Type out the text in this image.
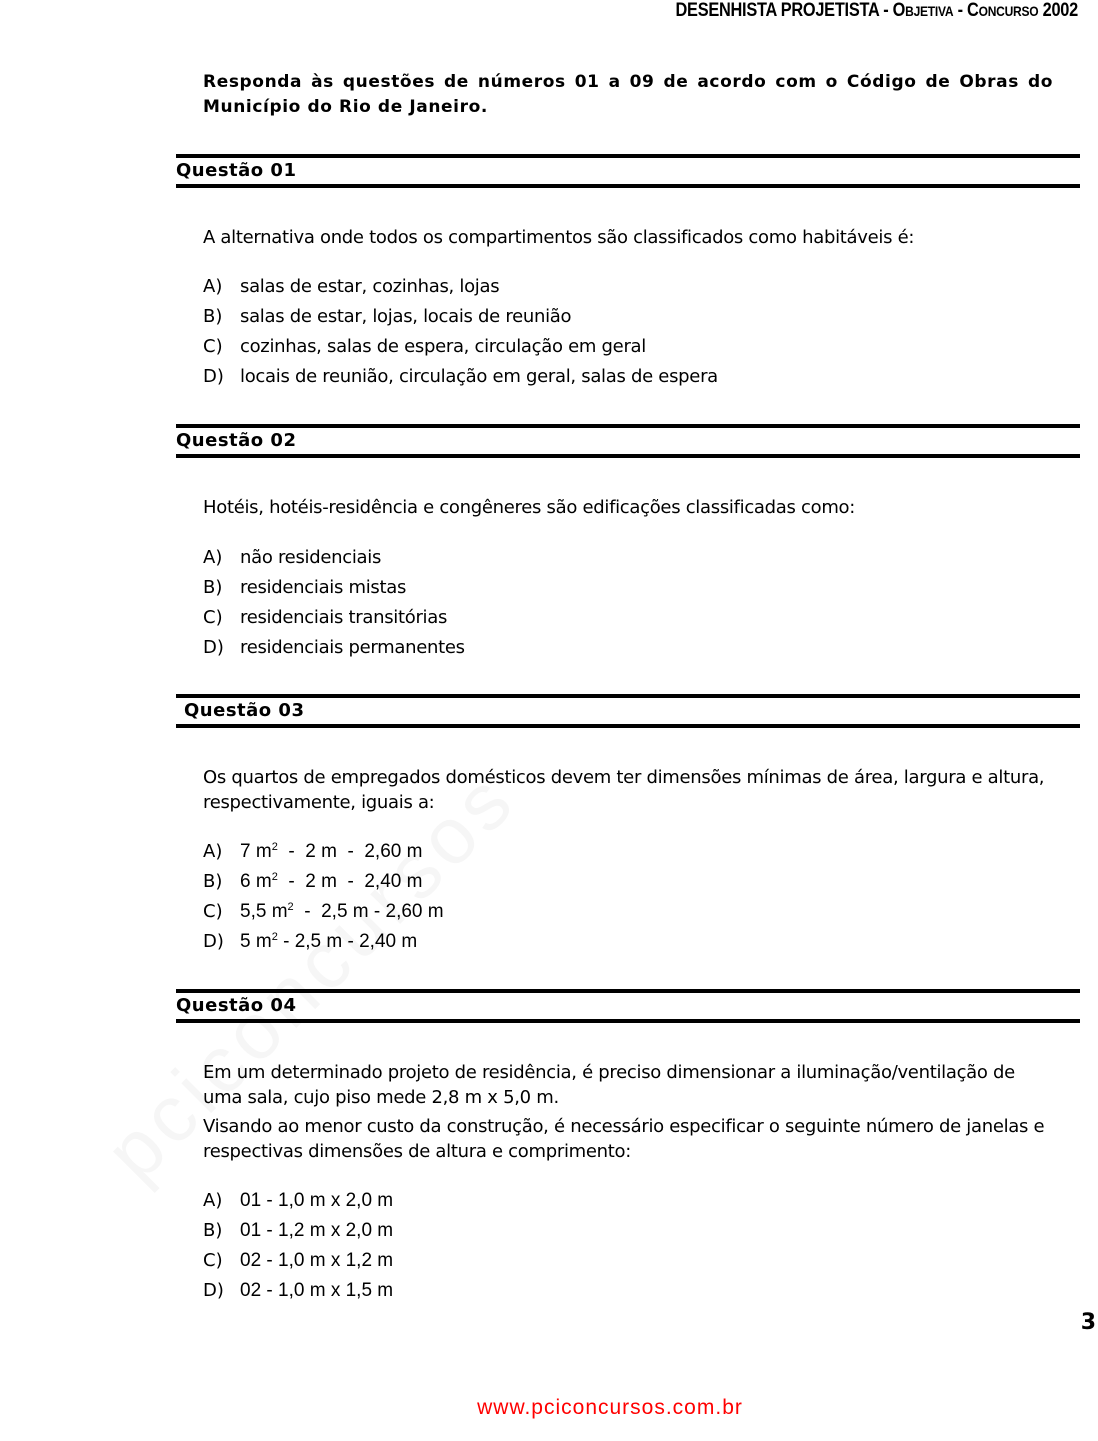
DESENHISTA PROJETISTA - OBJETIVA - CONCURSO 2002
Responda às questões de números 01 a 09 de acordo com o Código de Obras do Município do Rio de Janeiro.
Questão 01

A alternativa onde todos os compartimentos são classificados como habitáveis é:

A) salas de estar, cozinhas, lojas
B) salas de estar, lojas, locais de reunião
C) cozinhas, salas de espera, circulação em geral
D) locais de reunião, circulação em geral, salas de espera
Questão 02

Hotéis, hotéis-residência e congêneres são edificações classificadas como:

A) não residenciais
B) residenciais mistas
C) residenciais transitórias
D) residenciais permanentes
Questão 03

Os quartos de empregados domésticos devem ter dimensões mínimas de área, largura e altura, respectivamente, iguais a:

A) 7 $m^2 - 2$ m  -  2,60 m
B) 6 $m^2 - 2$ m  -  2,40 m
C) 5,5 $m^2 - 2,5$ m - 2,60 m
D) 5 $m^2 - 2,5$ m - 2,40 m
Questão 04

Em um determinado projeto de residência, é preciso dimensionar a iluminação/ventilação de uma sala, cujo piso mede 2,8 m x 5,0 m.

Visando ao menor custo da construção, é necessário especificar o seguinte número de janelas e respectivas dimensões de altura e comprimento:

A) 01 - 1,0 m x 2,0 m
B) 01 - 1,2 m x 2,0 m
C) 02 - 1,0 m x 1,2 m
D) 02 - 1,0 m x 1,5 m
3
www.pciconcursos.com.br
